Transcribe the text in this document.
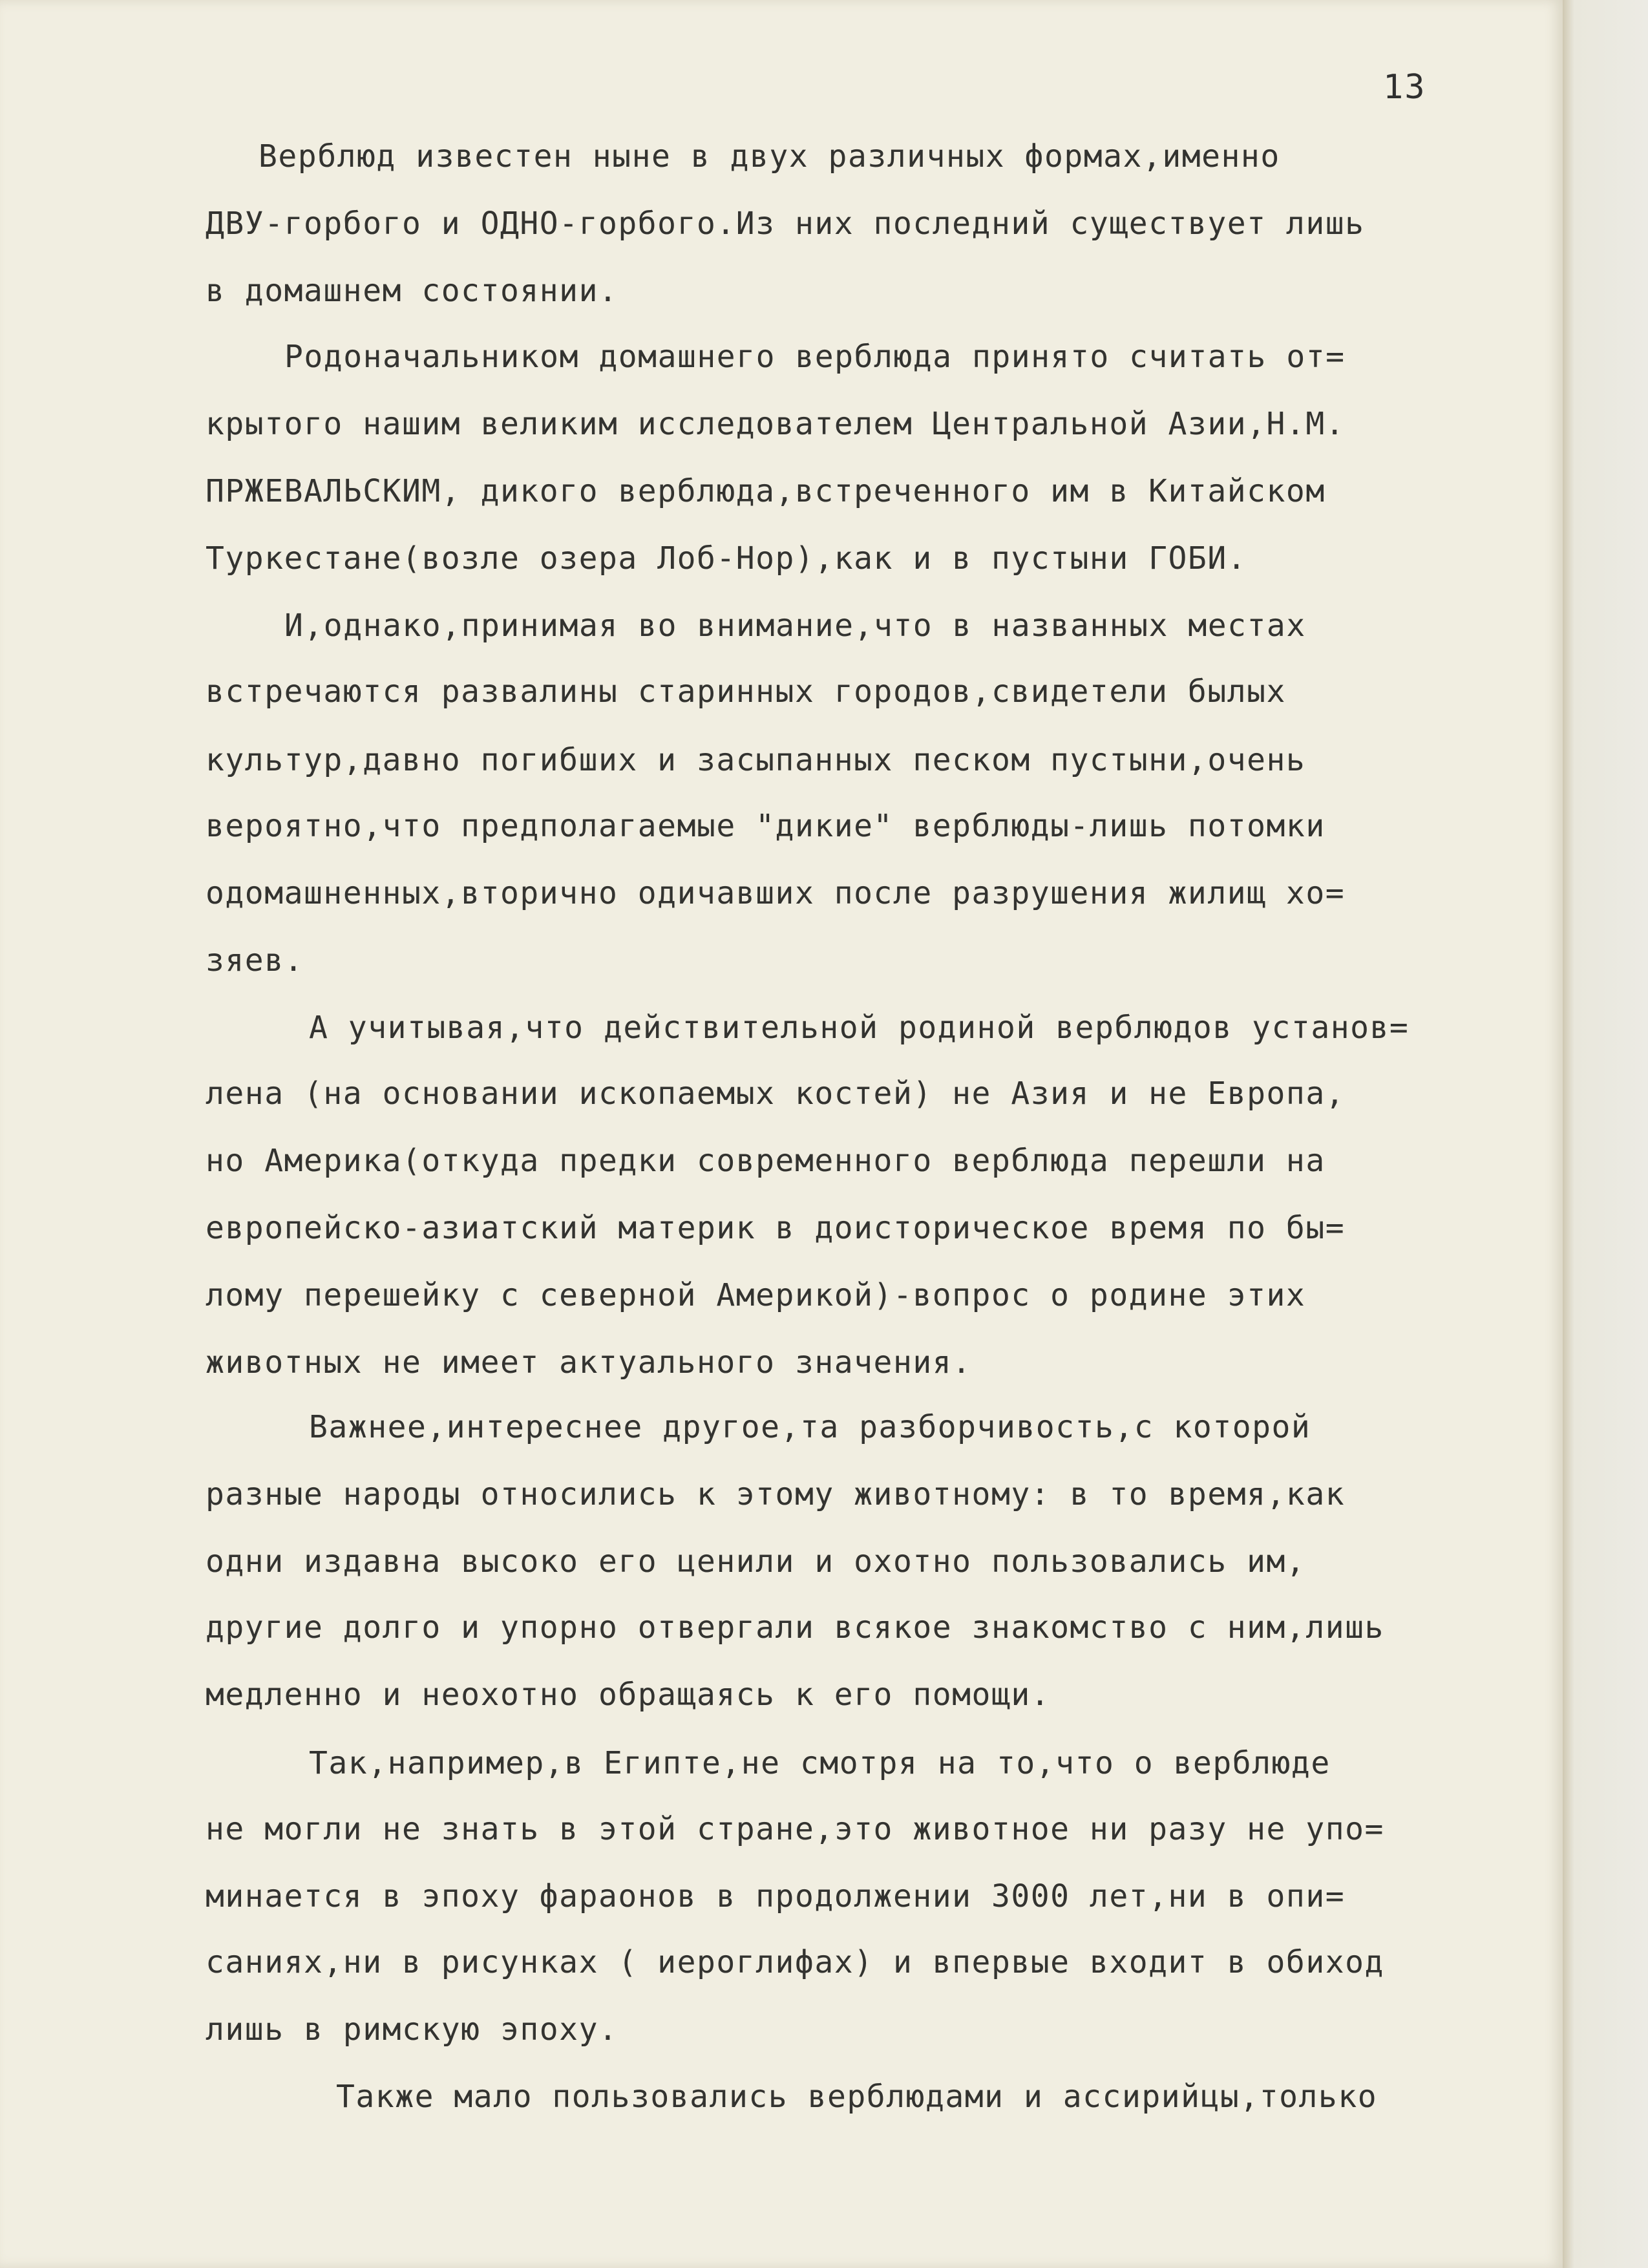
13
Верблюд известен ныне в двух различных формах,именно
ДВУ-горбого и ОДНО-горбого.Из них последний существует лишь
в домашнем состоянии.
Родоначальником домашнего верблюда принято считать от=
крытого нашим великим исследователем Центральной Азии,Н.М.
ПРЖЕВАЛЬСКИМ, дикого верблюда,встреченного им в Китайском
Туркестане(возле озера Лоб-Нор),как и в пустыни ГОБИ.
И,однако,принимая во внимание,что в названных местах
встречаются развалины старинных городов,свидетели былых
культур,давно погибших и засыпанных песком пустыни,очень
вероятно,что предполагаемые "дикие" верблюды-лишь потомки
одомашненных,вторично одичавших после разрушения жилищ хо=
зяев.
А учитывая,что действительной родиной верблюдов установ=
лена (на основании ископаемых костей) не Азия и не Европа,
но Америка(откуда предки современного верблюда перешли на
европейско-азиатский материк в доисторическое время по бы=
лому перешейку с северной Америкой)-вопрос о родине этих
животных не имеет актуального значения.
Важнее,интереснее другое,та разборчивость,с которой
разные народы относились к этому животному: в то время,как
одни издавна высоко его ценили и охотно пользовались им,
другие долго и упорно отвергали всякое знакомство с ним,лишь
медленно и неохотно обращаясь к его помощи.
Так,например,в Египте,не смотря на то,что о верблюде
не могли не знать в этой стране,это животное ни разу не упо=
минается в эпоху фараонов в продолжении 3000 лет,ни в опи=
саниях,ни в рисунках ( иероглифах) и впервые входит в обиход
лишь в римскую эпоху.
Также мало пользовались верблюдами и ассирийцы,только
